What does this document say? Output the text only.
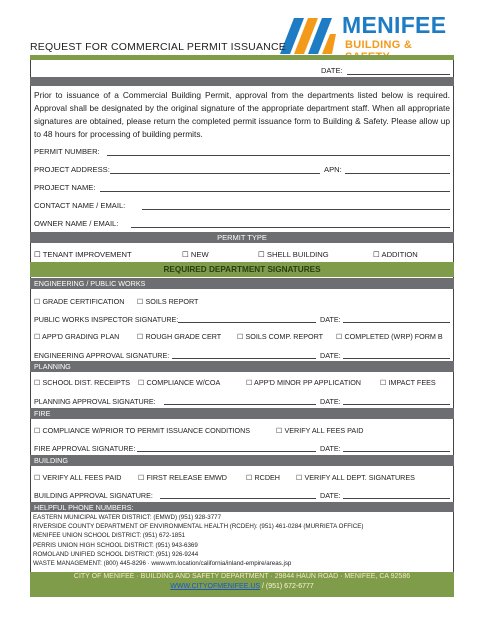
MENIFEE
BUILDING &
REQUEST FOR COMMERCIAL PERMIT ISSUANCE
DATE:
Prior to issuance of a Commercial Building Permit, approval from the departments listed below is required. Approval shall be designated by the original signature of the appropriate department staff. When all appropriate signatures are obtained, please return the completed permit issuance form to Building & Safety. Please allow up to 48 hours for processing of building permits.
PERMIT NUMBER:
PROJECT ADDRESS:	APN:
PROJECT NAME:
CONTACT NAME / EMAIL:
OWNER NAME / EMAIL:
PERMIT TYPE
☐ TENANT IMPROVEMENT	☐ NEW	☐ SHELL BUILDING	☐ ADDITION
REQUIRED DEPARTMENT SIGNATURES
ENGINEERING / PUBLIC WORKS
☐ GRADE CERTIFICATION ☐ SOILS REPORT
PUBLIC WORKS INSPECTOR SIGNATURE:	DATE:
☐ APP'D GRADING PLAN ☐ ROUGH GRADE CERT ☐ SOILS COMP. REPORT ☐ COMPLETED (WRP) FORM B
ENGINEERING APPROVAL SIGNATURE:	DATE:
PLANNING
☐ SCHOOL DIST. RECEIPTS ☐ COMPLIANCE W/COA	☐ APP'D MINOR PP APPLICATION	☐ IMPACT FEES
PLANNING APPROVAL SIGNATURE:	DATE:
FIRE
☐ COMPLIANCE W/PRIOR TO PERMIT ISSUANCE CONDITIONS	☐ VERIFY ALL FEES PAID
FIRE APPROVAL SIGNATURE:	DATE:
BUILDING
☐ VERIFY ALL FEES PAID ☐ FIRST RELEASE EMWD	☐ RCDEH ☐ VERIFY ALL DEPT. SIGNATURES
BUILDING APPROVAL SIGNATURE:	DATE:
HELPFUL PHONE NUMBERS:
EASTERN MUNICIPAL WATER DISTRICT: (EMWD) (951) 928-3777
RIVERSIDE COUNTY DEPARTMENT OF ENVIRONMENTAL HEALTH (RCDEH): (951) 461-0284 (MURRIETA OFFICE)
MENIFEE UNION SCHOOL DISTRICT: (951) 672-1851
PERRIS UNION HIGH SCHOOL DISTRICT: (951) 943-6369
ROMOLAND UNIFIED SCHOOL DISTRICT: (951) 926-9244
WASTE MANAGEMENT: (800) 445-8296 · www.wm.location/california/inland-empire/areas.jsp
CITY OF MENIFEE · BUILDING AND SAFETY DEPARTMENT · 29844 HAUN ROAD · MENIFEE, CA 92586
WWW.CITYOFMENIFEE.US / (951) 672-6777
